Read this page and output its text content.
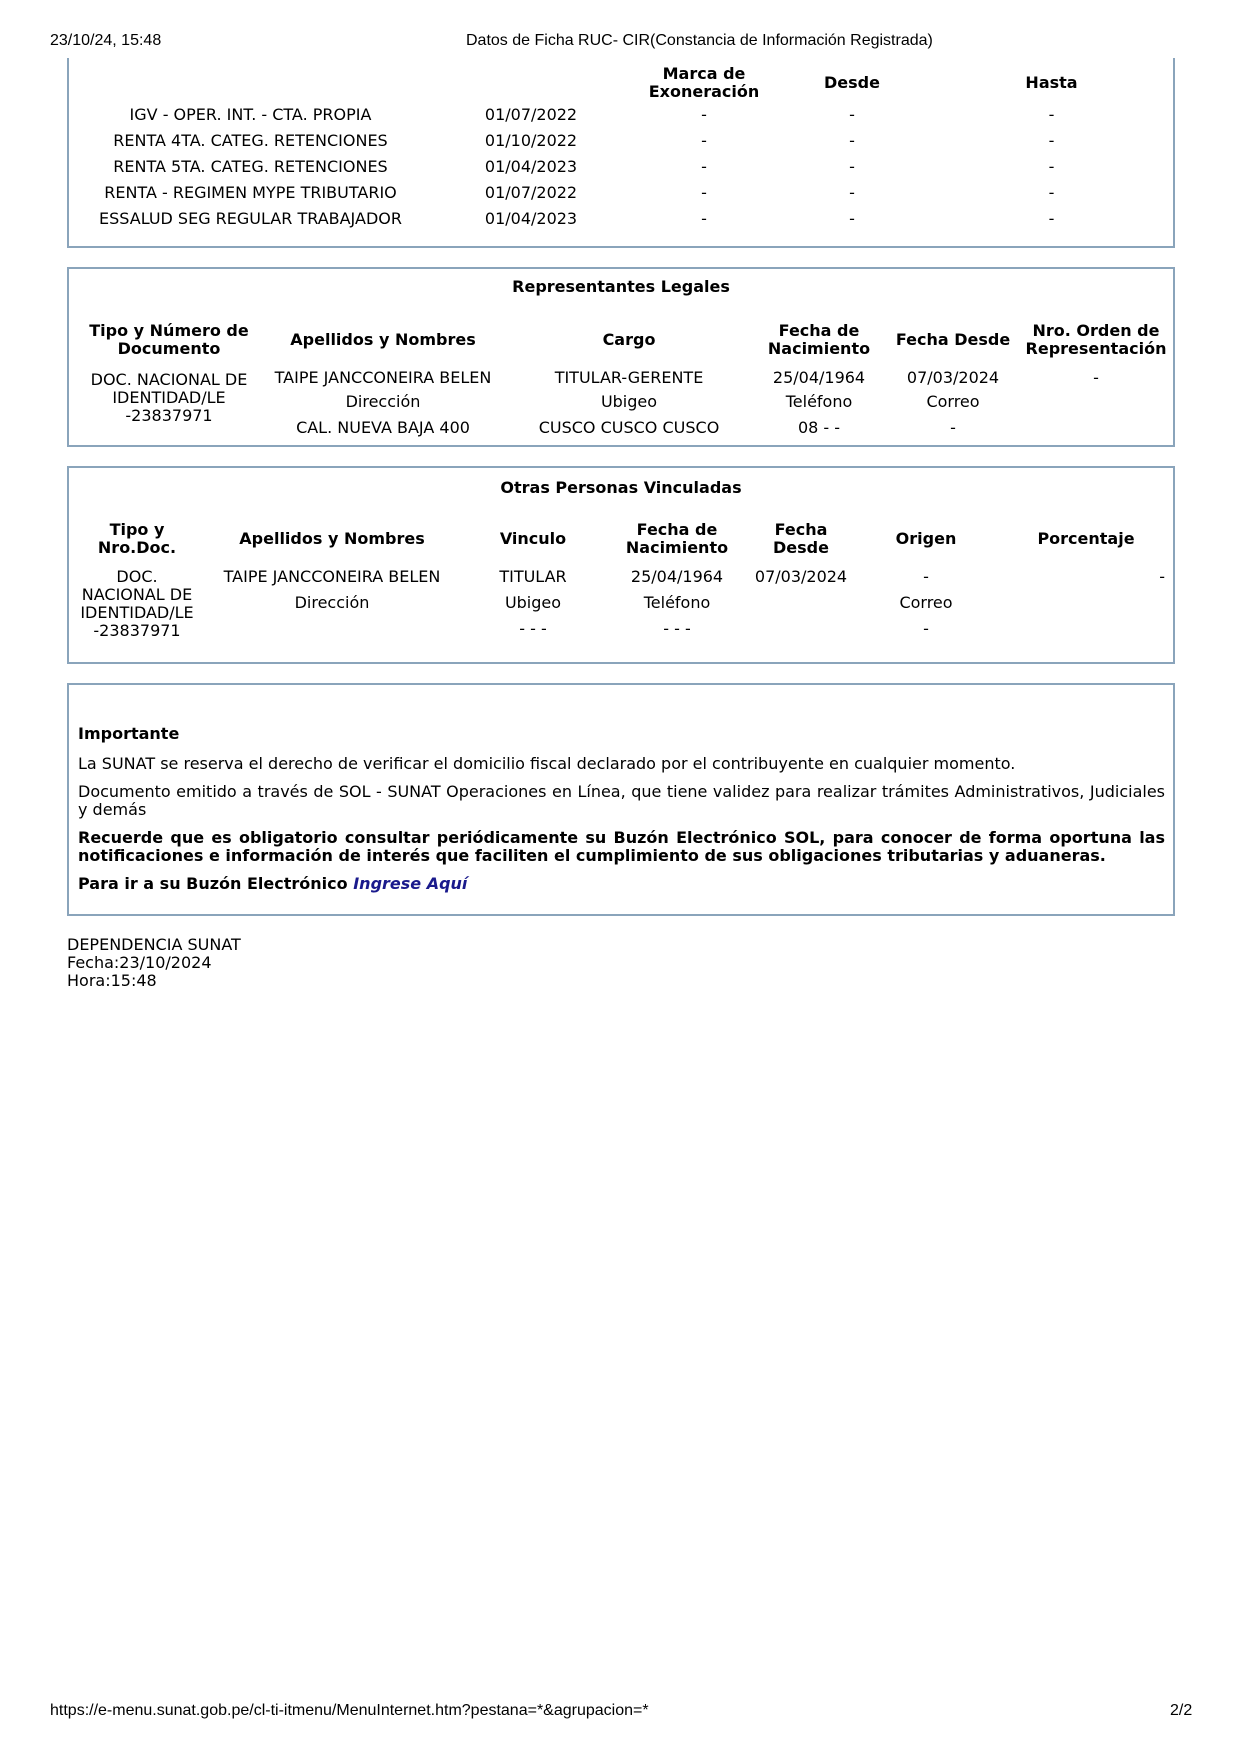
23/10/24, 15:48	Datos de Ficha RUC- CIR(Constancia de Información Registrada)
		Marca de Exoneración	Desde	Hasta
IGV - OPER. INT. - CTA. PROPIA	01/07/2022	-	-	-
RENTA 4TA. CATEG. RETENCIONES	01/10/2022	-	-	-
RENTA 5TA. CATEG. RETENCIONES	01/04/2023	-	-	-
RENTA - REGIMEN MYPE TRIBUTARIO	01/07/2022	-	-	-
ESSALUD SEG REGULAR TRABAJADOR	01/04/2023	-	-	-
Representantes Legales
Tipo y Número de Documento	Apellidos y Nombres	Cargo	Fecha de Nacimiento	Fecha Desde	Nro. Orden de Representación
DOC. NACIONAL DE IDENTIDAD/LE -23837971	TAIPE JANCCONEIRA BELEN	TITULAR-GERENTE	25/04/1964	07/03/2024	-
	Dirección	Ubigeo	Teléfono	Correo	
	CAL. NUEVA BAJA 400	CUSCO CUSCO CUSCO	08 - -	-	
Otras Personas Vinculadas
Tipo y Nro.Doc.	Apellidos y Nombres	Vinculo	Fecha de Nacimiento	Fecha Desde	Origen	Porcentaje
DOC. NACIONAL DE IDENTIDAD/LE -23837971	TAIPE JANCCONEIRA BELEN	TITULAR	25/04/1964	07/03/2024	-	-
	Dirección	Ubigeo	Teléfono		Correo	
		- - -	- - -		-	

Importante

La SUNAT se reserva el derecho de verificar el domicilio fiscal declarado por el contribuyente en cualquier momento.

Documento emitido a través de SOL - SUNAT Operaciones en Línea, que tiene validez para realizar trámites Administrativos, Judiciales y demás

Recuerde que es obligatorio consultar periódicamente su Buzón Electrónico SOL, para conocer de forma oportuna las notificaciones e información de interés que faciliten el cumplimiento de sus obligaciones tributarias y aduaneras.

Para ir a su Buzón Electrónico Ingrese Aquí

DEPENDENCIA SUNAT
Fecha:23/10/2024
Hora:15:48
https://e-menu.sunat.gob.pe/cl-ti-itmenu/MenuInternet.htm?pestana=*&agrupacion=*	2/2
